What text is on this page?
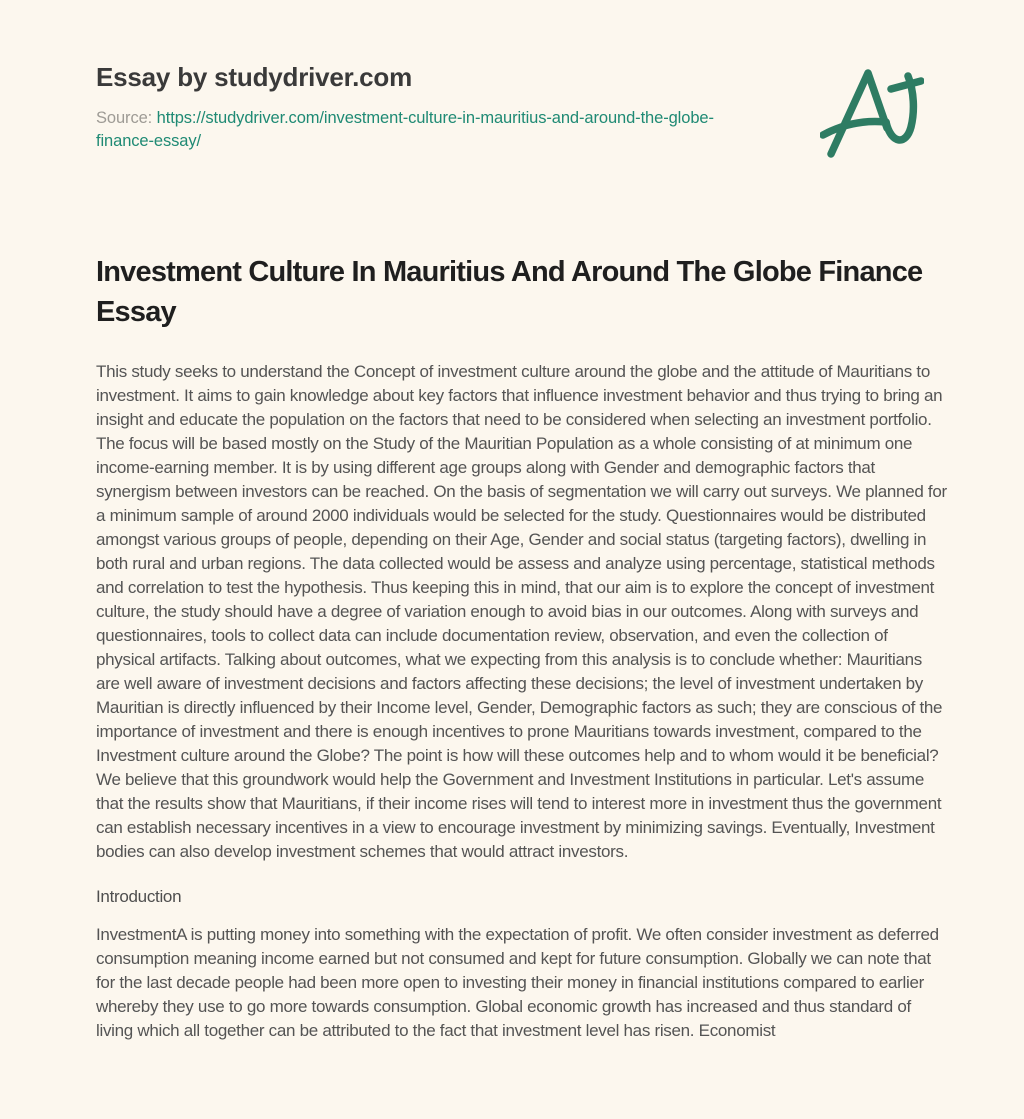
Essay by studydriver.com

Source: https://studydriver.com/investment-culture-in-mauritius-and-around-the-globe-finance-essay/

Investment Culture In Mauritius And Around The Globe Finance Essay

This study seeks to understand the Concept of investment culture around the globe and the attitude of Mauritians to investment. It aims to gain knowledge about key factors that influence investment behavior and thus trying to bring an insight and educate the population on the factors that need to be considered when selecting an investment portfolio. The focus will be based mostly on the Study of the Mauritian Population as a whole consisting of at minimum one income-earning member. It is by using different age groups along with Gender and demographic factors that synergism between investors can be reached. On the basis of segmentation we will carry out surveys. We planned for a minimum sample of around 2000 individuals would be selected for the study. Questionnaires would be distributed amongst various groups of people, depending on their Age, Gender and social status (targeting factors), dwelling in both rural and urban regions. The data collected would be assess and analyze using percentage, statistical methods and correlation to test the hypothesis. Thus keeping this in mind, that our aim is to explore the concept of investment culture, the study should have a degree of variation enough to avoid bias in our outcomes. Along with surveys and questionnaires, tools to collect data can include documentation review, observation, and even the collection of physical artifacts. Talking about outcomes, what we expecting from this analysis is to conclude whether: Mauritians are well aware of investment decisions and factors affecting these decisions; the level of investment undertaken by Mauritian is directly influenced by their Income level, Gender, Demographic factors as such; they are conscious of the importance of investment and there is enough incentives to prone Mauritians towards investment, compared to the Investment culture around the Globe? The point is how will these outcomes help and to whom would it be beneficial? We believe that this groundwork would help the Government and Investment Institutions in particular. Let's assume that the results show that Mauritians, if their income rises will tend to interest more in investment thus the government can establish necessary incentives in a view to encourage investment by minimizing savings. Eventually, Investment bodies can also develop investment schemes that would attract investors.

Introduction

InvestmentA is putting money into something with the expectation of profit. We often consider investment as deferred consumption meaning income earned but not consumed and kept for future consumption. Globally we can note that for the last decade people had been more open to investing their money in financial institutions compared to earlier whereby they use to go more towards consumption. Global economic growth has increased and thus standard of living which all together can be attributed to the fact that investment level has risen. Economist
